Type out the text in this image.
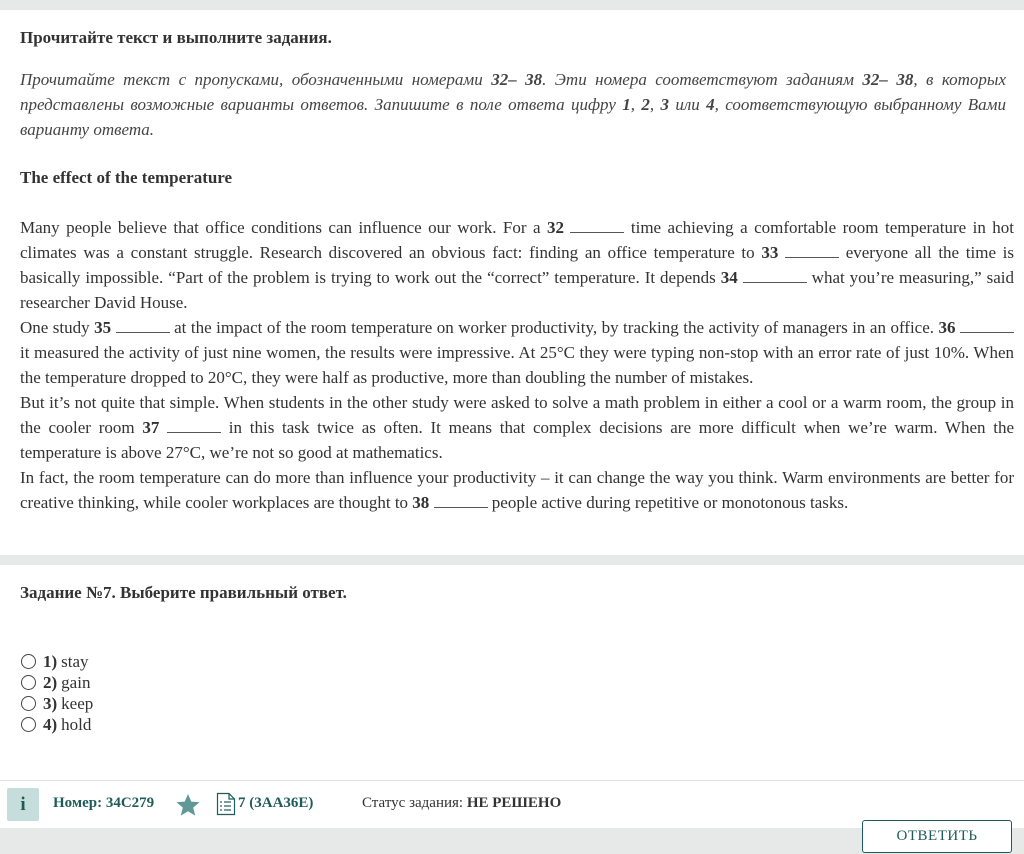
Прочитайте текст и выполните задания.
Прочитайте текст с пропусками, обозначенными номерами 32– 38. Эти номера соответствуют заданиям 32– 38, в которых представлены возможные варианты ответов. Запишите в поле ответа цифру 1, 2, 3 или 4, соответствующую выбранному Вами варианту ответа.
The effect of the temperature
Many people believe that office conditions can influence our work. For a 32	time achieving a comfortable room temperature in hot climates was a constant struggle. Research discovered an obvious fact: finding an office temperature to 33	everyone all the time is basically impossible. “Part of the problem is trying to work out the “correct” temperature. It depends 34	what you’re measuring,” said researcher David House.
One study 35	at the impact of the room temperature on worker productivity, by tracking the activity of managers in an office. 36  it measured the activity of just nine women, the results were impressive. At 25°C they were typing non-stop with an error rate of just 10%. When the temperature dropped to 20°C, they were half as productive, more than doubling the number of mistakes.
But it’s not quite that simple. When students in the other study were asked to solve a math problem in either a cool or a warm room, the group in the cooler room 37	in this task twice as often. It means that complex decisions are more difficult when we’re warm. When the temperature is above 27°C, we’re not so good at mathematics.
In fact, the room temperature can do more than influence your productivity – it can change the way you think. Warm environments are better for creative thinking, while cooler workplaces are thought to 38	people active during repetitive or monotonous tasks.
Задание №7. Выберите правильный ответ.
1) stay
2) gain
3) keep
4) hold
i	Номер: 34С279	7 (3AA36E)	Статус задания: НЕ РЕШЕНО
ОТВЕТИТЬ
